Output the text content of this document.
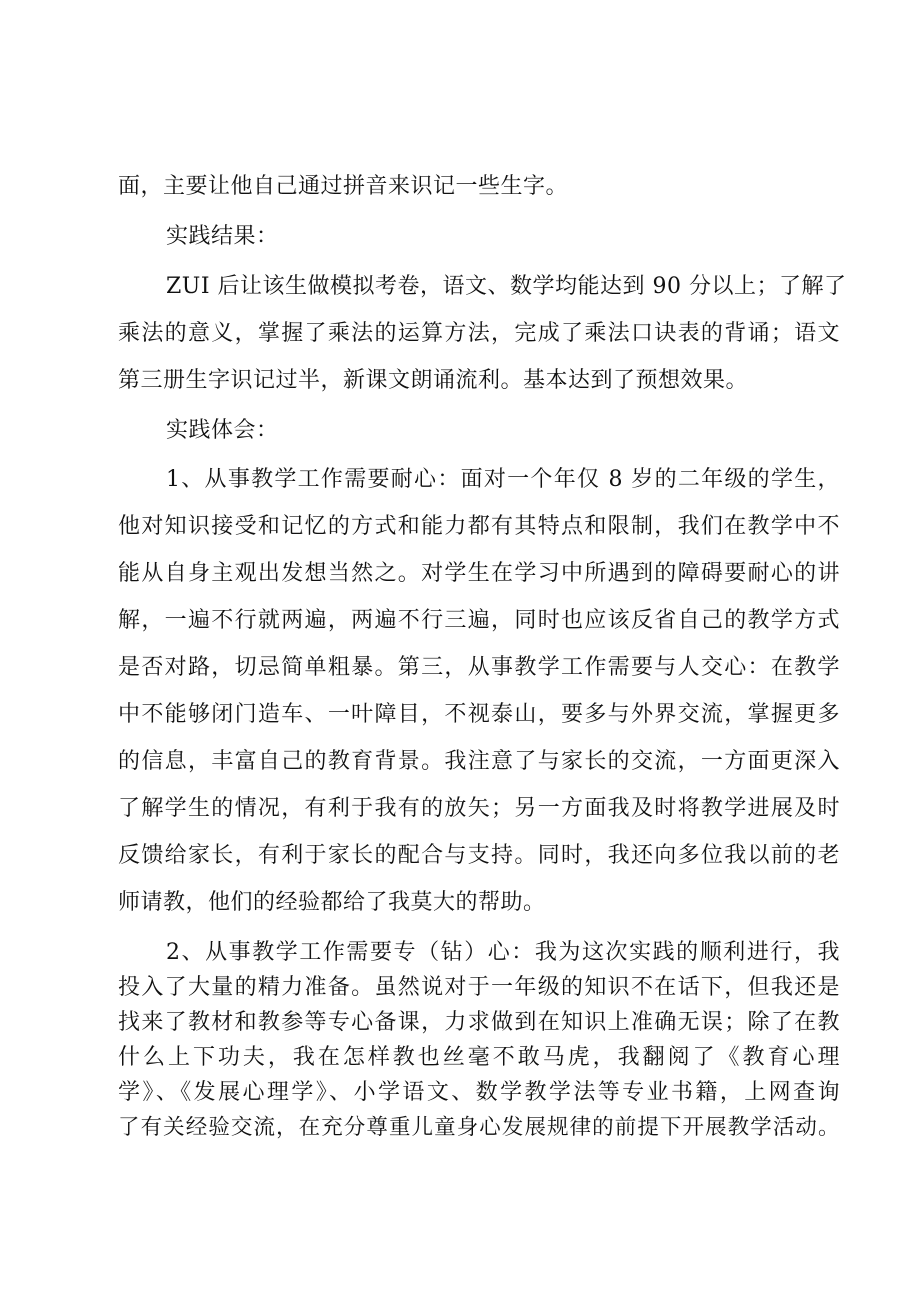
面，主要让他自己通过拼音来识记一些生字。
实践结果：
ZUI 后让该生做模拟考卷，语文、数学均能达到 90 分以上；了解了
乘法的意义，掌握了乘法的运算方法，完成了乘法口诀表的背诵；语文
第三册生字识记过半，新课文朗诵流利。基本达到了预想效果。
实践体会：
1、从事教学工作需要耐心：面对一个年仅 8 岁的二年级的学生，
他对知识接受和记忆的方式和能力都有其特点和限制，我们在教学中不
能从自身主观出发想当然之。对学生在学习中所遇到的障碍要耐心的讲
解，一遍不行就两遍，两遍不行三遍，同时也应该反省自己的教学方式
是否对路，切忌简单粗暴。第三，从事教学工作需要与人交心：在教学
中不能够闭门造车、一叶障目，不视泰山，要多与外界交流，掌握更多
的信息，丰富自己的教育背景。我注意了与家长的交流，一方面更深入
了解学生的情况，有利于我有的放矢；另一方面我及时将教学进展及时
反馈给家长，有利于家长的配合与支持。同时，我还向多位我以前的老
师请教，他们的经验都给了我莫大的帮助。
2、从事教学工作需要专（钻）心：我为这次实践的顺利进行，我
投入了大量的精力准备。虽然说对于一年级的知识不在话下，但我还是
找来了教材和教参等专心备课，力求做到在知识上准确无误；除了在教
什么上下功夫，我在怎样教也丝毫不敢马虎，我翻阅了《教育心理
学》、《发展心理学》、小学语文、数学教学法等专业书籍，上网查询
了有关经验交流，在充分尊重儿童身心发展规律的前提下开展教学活动。
